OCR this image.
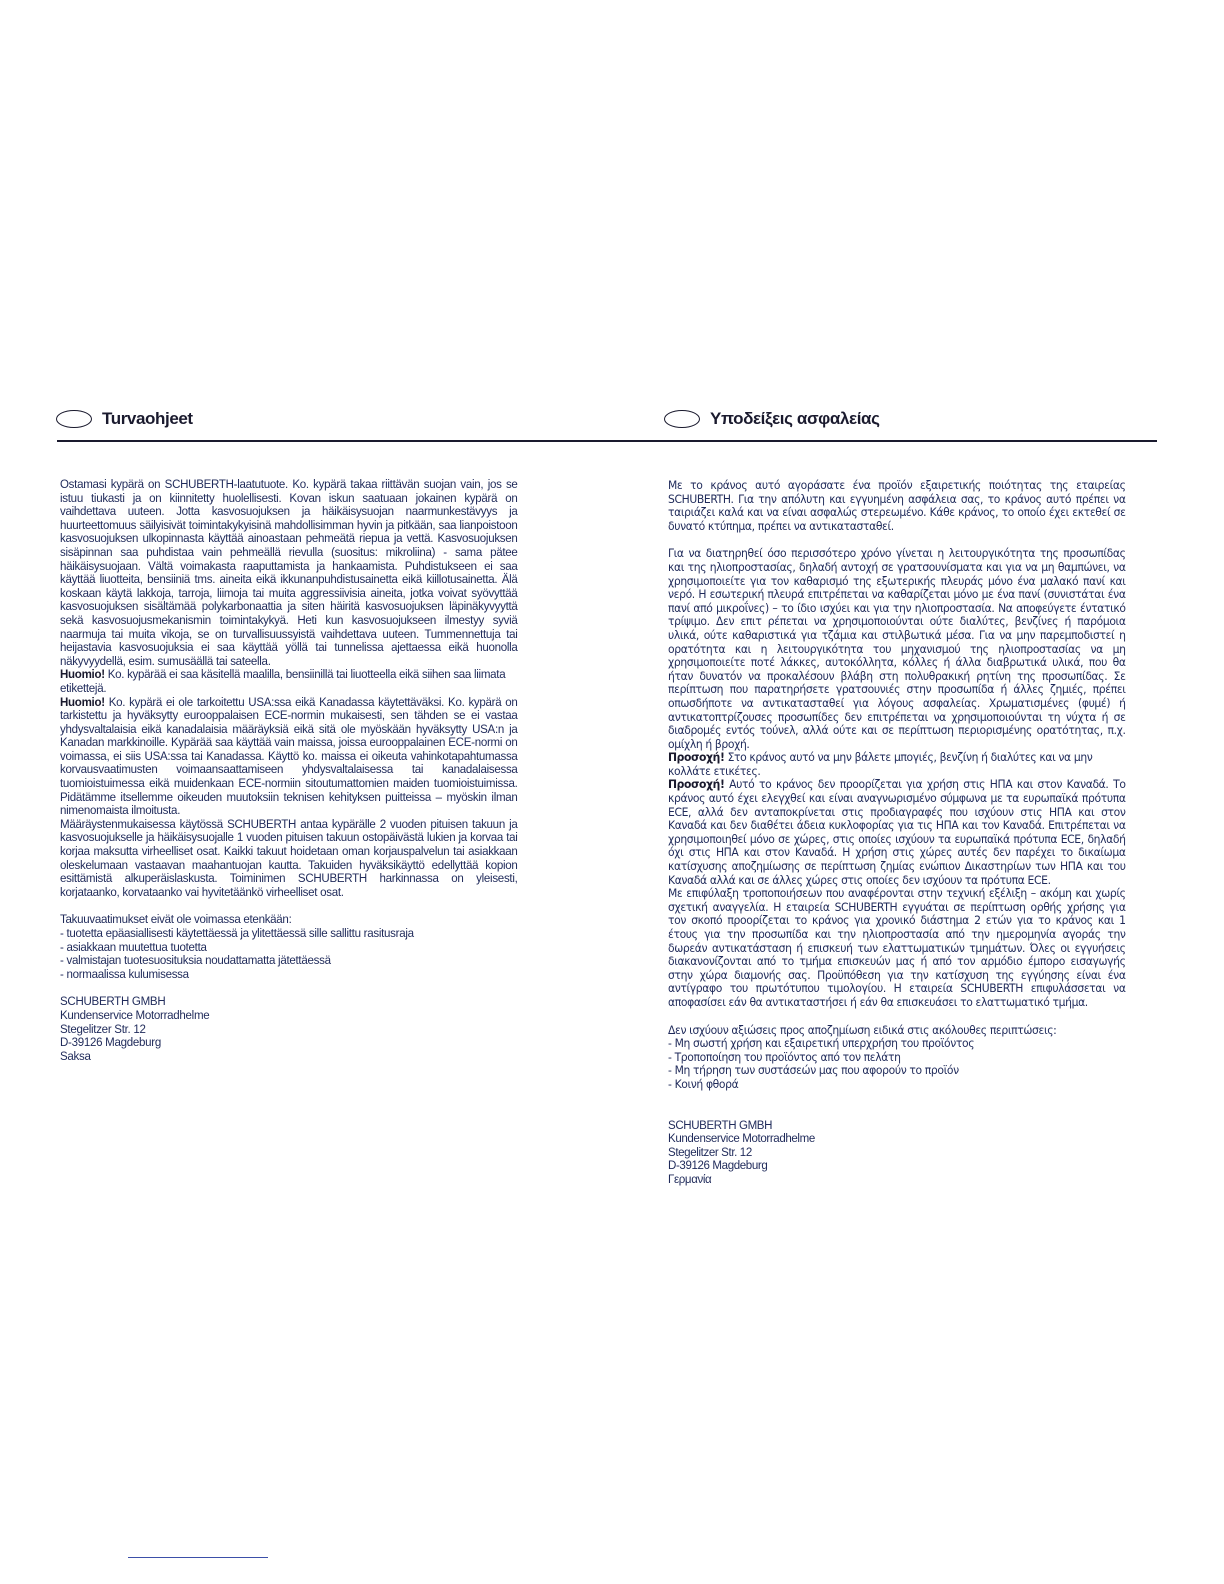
Turvaohjeet	Υποδείξεις ασφαλείας

Ostamasi kypärä on SCHUBERTH-laatutuote. Ko. kypärä takaa riittävän suojan vain, jos se istuu tiukasti ja on kiinnitetty huolellisesti. Kovan iskun saatuaan jokainen kypärä on vaihdettava uuteen. Jotta kasvosuojuksen ja häikäisysuojan naarmunkestävyys ja huurteettomuus säilyisivät toimintakykyisinä mahdollisimman hyvin ja pitkään, saa lianpoistoon kasvosuojuksen ulkopinnasta käyttää ainoastaan pehmeätä riepua ja vettä. Kasvosuojuksen sisäpinnan saa puhdistaa vain pehmeällä rievulla (suositus: mikroliina) - sama pätee häikäisysuojaan. Vältä voimakasta raaputtamista ja hankaamista. Puhdistukseen ei saa käyttää liuotteita, bensiiniä tms. aineita eikä ikkunanpuhdistusainetta eikä kiillotusainetta. Älä koskaan käytä lakkoja, tarroja, liimoja tai muita aggressiivisia aineita, jotka voivat syövyttää kasvosuojuksen sisältämää polykarbonaattia ja siten häiritä kasvosuojuksen läpinäkyvyyttä sekä kasvosuojusmekanismin toimintakykyä. Heti kun kasvosuojukseen ilmestyy syviä naarmuja tai muita vikoja, se on turvallisuussyistä vaihdettava uuteen. Tummennettuja tai heijastavia kasvosuojuksia ei saa käyttää yöllä tai tunnelissa ajettaessa eikä huonolla näkyvyydellä, esim. sumusäällä tai sateella.

Huomio! Ko. kypärää ei saa käsitellä maalilla, bensiinillä tai liuotteella eikä siihen saa liimata etikettejä.

Huomio! Ko. kypärä ei ole tarkoitettu USA:ssa eikä Kanadassa käytettäväksi. Ko. kypärä on tarkistettu ja hyväksytty eurooppalaisen ECE-normin mukaisesti, sen tähden se ei vastaa yhdysvaltalaisia eikä kanadalaisia määräyksiä eikä sitä ole myöskään hyväksytty USA:n ja Kanadan markkinoille. Kypärää saa käyttää vain maissa, joissa eurooppalainen ECE-normi on voimassa, ei siis USA:ssa tai Kanadassa. Käyttö ko. maissa ei oikeuta vahinkotapahtumassa korvausvaatimusten voimaansaattamiseen yhdysvaltalaisessa tai kanadalaisessa tuomioistuimessa eikä muidenkaan ECE-normiin sitoutumattomien maiden tuomioistuimissa. Pidätämme itsellemme oikeuden muutoksiin teknisen kehityksen puitteissa – myöskin ilman nimenomaista ilmoitusta.

Määräystenmukaisessa käytössä SCHUBERTH antaa kypärälle 2 vuoden pituisen takuun ja kasvosuojukselle ja häikäisysuojalle 1 vuoden pituisen takuun ostopäivästä lukien ja korvaa tai korjaa maksutta virheelliset osat. Kaikki takuut hoidetaan oman korjauspalvelun tai asiakkaan oleskelumaan vastaavan maahantuojan kautta. Takuiden hyväksikäyttö edellyttää kopion esittämistä alkuperäislaskusta. Toiminimen SCHUBERTH harkinnassa on yleisesti, korjataanko, korvataanko vai hyvitetäänkö virheelliset osat.

Takuuvaatimukset eivät ole voimassa etenkään:

- tuotetta epäasiallisesti käytettäessä ja ylitettäessä sille sallittu rasitusraja
- asiakkaan muutettua tuotetta
- valmistajan tuotesuosituksia noudattamatta jätettäessä
- normaalissa kulumisessa
SCHUBERTH GMBH
Kundenservice Motorradhelme
Stegelitzer Str. 12
D-39126 Magdeburg
Saksa

Με το κράνος αυτό αγοράσατε ένα προϊόν εξαιρετικής ποιότητας της εταιρείας SCHUBERTH. Για την απόλυτη και εγγυημένη ασφάλεια σας, το κράνος αυτό πρέπει να ταιριάζει καλά και να είναι ασφαλώς στερεωμένο. Κάθε κράνος, το οποίο έχει εκτεθεί σε δυνατό κτύπημα, πρέπει να αντικατασταθεί.

Για να διατηρηθεί όσο περισσότερο χρόνο γίνεται η λειτουργικότητα της προσωπίδας και της ηλιοπροστασίας, δηλαδή αντοχή σε γρατσουνίσματα και για να μη θαμπώνει, να χρησιμοποιείτε για τον καθαρισμό της εξωτερικής πλευράς μόνο ένα μαλακό πανί και νερό. Η εσωτερική πλευρά επιτρέπεται να καθαρίζεται μόνο με ένα πανί (συνιστάται ένα πανί από μικροΐνες) – το ίδιο ισχύει και για την ηλιοπροστασία. Να αποφεύγετε έντατικό τρίψιμο. Δεν επιτ ρέπεται να χρησιμοποιούνται ούτε διαλύτες, βενζίνες ή παρόμοια υλικά, ούτε καθαριστικά για τζάμια και στιλβωτικά μέσα. Για να μην παρεμποδιστεί η ορατότητα και η λειτουργικότητα του μηχανισμού της ηλιοπροστασίας να μη χρησιμοποιείτε ποτέ λάκκες, αυτοκόλλητα, κόλλες ή άλλα διαβρωτικά υλικά, που θα ήταν δυνατόν να προκαλέσουν βλάβη στη πολυθρακική ρητίνη της προσωπίδας. Σε περίπτωση που παρατηρήσετε γρατσουνιές στην προσωπίδα ή άλλες ζημιές, πρέπει οπωσδήποτε να αντικατασταθεί για λόγους ασφαλείας. Χρωματισμένες (φυμέ) ή αντικατοπτρίζουσες προσωπίδες δεν επιτρέπεται να χρησιμοποιούνται τη νύχτα ή σε διαδρομές εντός τούνελ, αλλά ούτε και σε περίπτωση περιορισμένης ορατότητας, π.χ. ομίχλη ή βροχή.

Προσοχή! Στο κράνος αυτό να μην βάλετε μπογιές, βενζίνη ή διαλύτες και να μην κολλάτε ετικέτες.

Προσοχή! Αυτό το κράνος δεν προορίζεται για χρήση στις ΗΠΑ και στον Καναδά. Το κράνος αυτό έχει ελεγχθεί και είναι αναγνωρισμένο σύμφωνα με τα ευρωπαϊκά πρότυπα ECE, αλλά δεν ανταποκρίνεται στις προδιαγραφές που ισχύουν στις ΗΠΑ και στον Καναδά και δεν διαθέτει άδεια κυκλοφορίας για τις ΗΠΑ και τον Καναδά. Επιτρέπεται να χρησιμοποιηθεί μόνο σε χώρες, στις οποίες ισχύουν τα ευρωπαϊκά πρότυπα ECE, δηλαδή όχι στις ΗΠΑ και στον Καναδά. Η χρήση στις χώρες αυτές δεν παρέχει το δικαίωμα κατίσχυσης αποζημίωσης σε περίπτωση ζημίας ενώπιον Δικαστηρίων των ΗΠΑ και του Καναδά αλλά και σε άλλες χώρες στις οποίες δεν ισχύουν τα πρότυπα ECE.

Με επιφύλαξη τροποποιήσεων που αναφέρονται στην τεχνική εξέλιξη – ακόμη και χωρίς σχετική αναγγελία. Η εταιρεία SCHUBERTH εγγυάται σε περίπτωση ορθής χρήσης για τον σκοπό προορίζεται το κράνος για χρονικό διάστημα 2 ετών για το κράνος και 1 έτους για την προσωπίδα και την ηλιοπροστασία από την ημερομηνία αγοράς την δωρεάν αντικατάσταση ή επισκευή των ελαττωματικών τμημάτων. Όλες οι εγγυήσεις διακανονίζονται από το τμήμα επισκευών μας ή από τον αρμόδιο έμπορο εισαγωγής στην χώρα διαμονής σας. Προϋπόθεση για την κατίσχυση της εγγύησης είναι ένα αντίγραφο του πρωτότυπου τιμολογίου. Η εταιρεία SCHUBERTH επιφυλάσσεται να αποφασίσει εάν θα αντικαταστήσει ή εάν θα επισκευάσει το ελαττωματικό τμήμα.

Δεν ισχύουν αξιώσεις προς αποζημίωση ειδικά στις ακόλουθες περιπτώσεις:

- Μη σωστή χρήση και εξαιρετική υπερχρήση του προϊόντος
- Τροποποίηση του προϊόντος από τον πελάτη
- Μη τήρηση των συστάσεών μας που αφορούν το προϊόν
- Κοινή φθορά
SCHUBERTH GMBH
Kundenservice Motorradhelme
Stegelitzer Str. 12
D-39126 Magdeburg
Γερμανία
